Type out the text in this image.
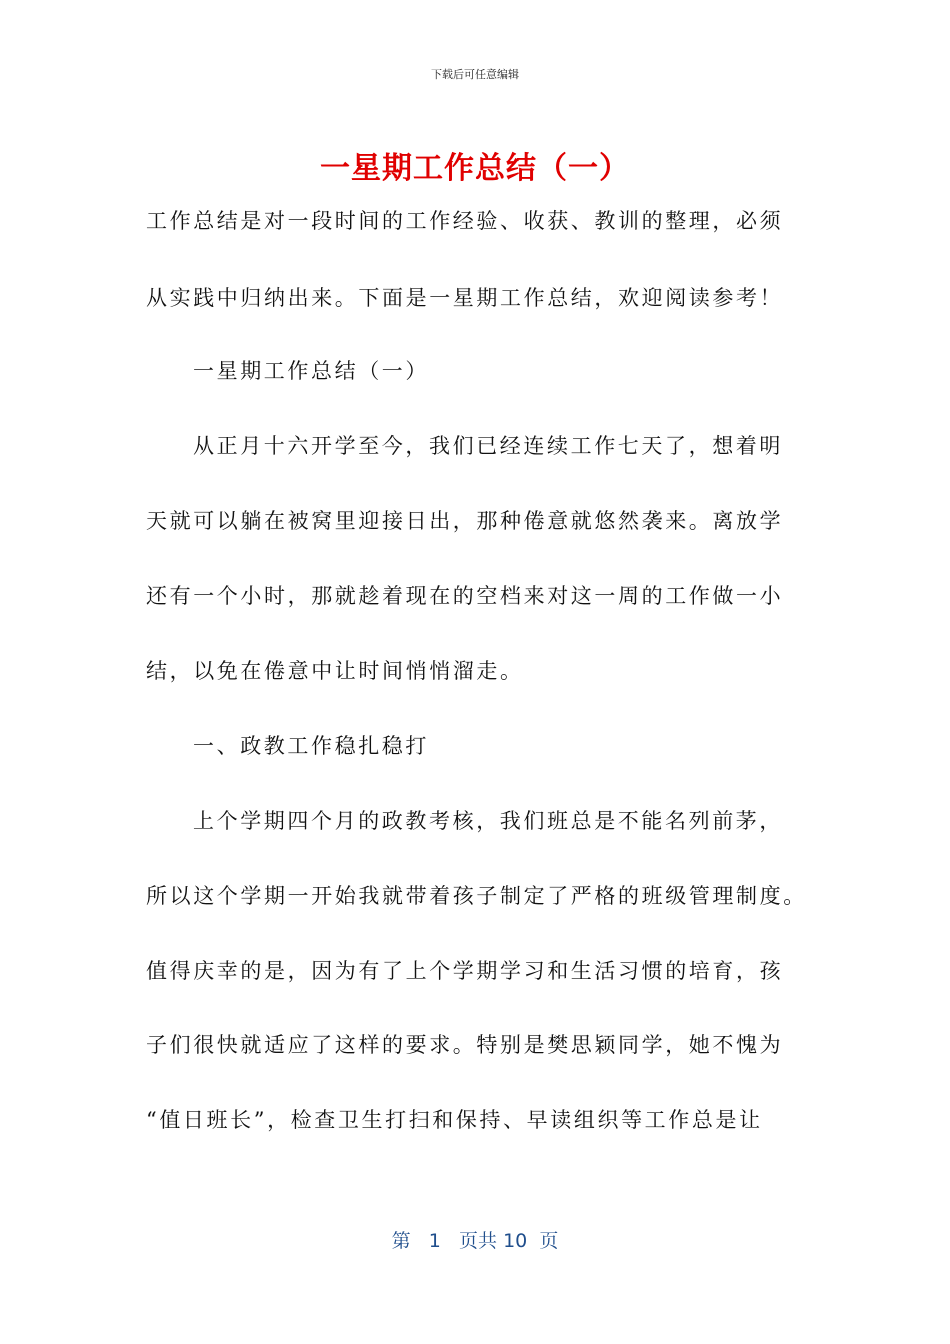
下载后可任意编辑
一星期工作总结（一）
工作总结是对一段时间的工作经验、收获、教训的整理，必须
从实践中归纳出来。下面是一星期工作总结，欢迎阅读参考！
一星期工作总结（一）
从正月十六开学至今，我们已经连续工作七天了，想着明
天就可以躺在被窝里迎接日出，那种倦意就悠然袭来。离放学
还有一个小时，那就趁着现在的空档来对这一周的工作做一小
结，以免在倦意中让时间悄悄溜走。
一、政教工作稳扎稳打
上个学期四个月的政教考核，我们班总是不能名列前茅，
所以这个学期一开始我就带着孩子制定了严格的班级管理制度。
值得庆幸的是，因为有了上个学期学习和生活习惯的培育，孩
子们很快就适应了这样的要求。特别是樊思颖同学，她不愧为
“值日班长”，检查卫生打扫和保持、早读组织等工作总是让
第 1 页共 10 页
